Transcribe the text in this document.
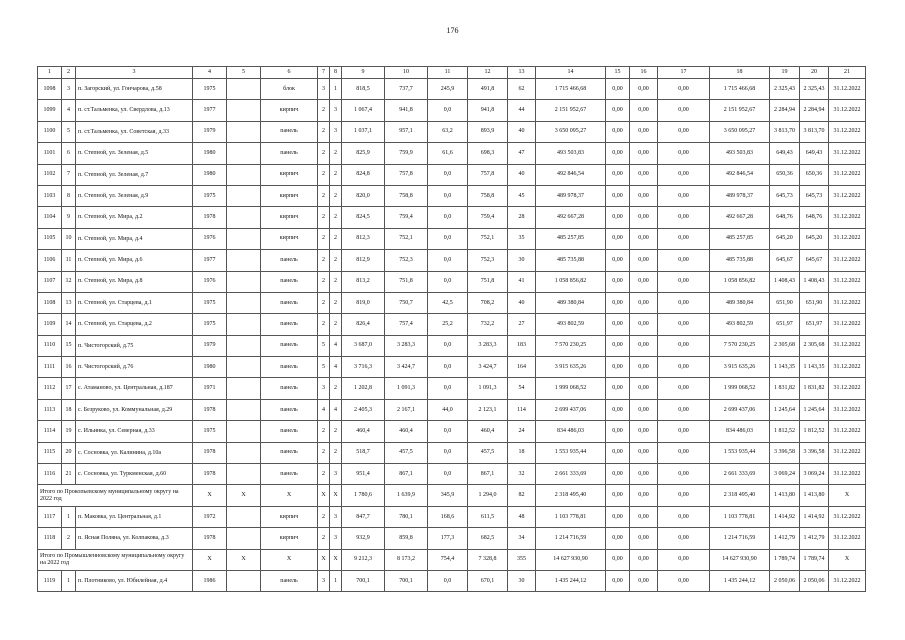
176
1	2	3	4	5	6	7	8	9	10	11	12	13	14	15	16	17	18	19	20	21
1098	3	п. Загорский, ул. Гончарова, д.58	1975		блок	3	1	818,5	737,7	245,9	491,8	62	1 715 466,68	0,00	0,00	0,00	1 715 466,68	2 325,43	2 325,43	31.12.2022
1099	4	п. ст.Тальменка, ул. Свердлова, д.13	1977		кирпич	2	3	1 067,4	941,8	0,0	941,8	44	2 151 952,67	0,00	0,00	0,00	2 151 952,67	2 284,94	2 284,94	31.12.2022
1100	5	п. ст.Тальменка, ул. Советская, д.33	1979		панель	2	3	1 037,1	957,1	63,2	893,9	40	3 650 095,27	0,00	0,00	0,00	3 650 095,27	3 813,70	3 813,70	31.12.2022
1101	6	п. Степной, ул. Зеленая, д.5	1980		панель	2	2	825,9	759,9	61,6	698,3	47	493 503,83	0,00	0,00	0,00	493 503,83	649,43	649,43	31.12.2022
1102	7	п. Степной, ул. Зеленая, д.7	1980		кирпич	2	2	824,8	757,8	0,0	757,8	40	492 846,54	0,00	0,00	0,00	492 846,54	650,36	650,36	31.12.2022
1103	8	п. Степной, ул. Зеленая, д.9	1975		кирпич	2	2	820,0	758,8	0,0	758,8	45	489 978,37	0,00	0,00	0,00	489 978,37	645,73	645,73	31.12.2022
1104	9	п. Степной, ул. Мира, д.2	1978		кирпич	2	2	824,5	759,4	0,0	759,4	28	492 667,28	0,00	0,00	0,00	492 667,28	648,76	648,76	31.12.2022
1105	10	п. Степной, ул. Мира, д.4	1976		кирпич	2	2	812,3	752,1	0,0	752,1	35	485 257,85	0,00	0,00	0,00	485 257,85	645,20	645,20	31.12.2022
1106	11	п. Степной, ул. Мира, д.6	1977		панель	2	2	812,9	752,3	0,0	752,3	30	485 735,88	0,00	0,00	0,00	485 735,88	645,67	645,67	31.12.2022
1107	12	п. Степной, ул. Мира, д.8	1976		панель	2	2	813,2	751,8	0,0	751,8	41	1 058 856,82	0,00	0,00	0,00	1 058 856,82	1 408,43	1 408,43	31.12.2022
1108	13	п. Степной, ул. Старцева, д.1	1975		панель	2	2	819,0	750,7	42,5	708,2	40	489 380,84	0,00	0,00	0,00	489 380,84	651,90	651,90	31.12.2022
1109	14	п. Степной, ул. Старцева, д.2	1975		панель	2	2	826,4	757,4	25,2	732,2	27	493 802,59	0,00	0,00	0,00	493 802,59	651,97	651,97	31.12.2022
1110	15	п. Чистогорский, д.75	1979		панель	5	4	3 687,0	3 283,3	0,0	3 283,3	183	7 570 230,25	0,00	0,00	0,00	7 570 230,25	2 305,68	2 305,68	31.12.2022
1111	16	п. Чистогорский, д.76	1980		панель	5	4	3 716,3	3 424,7	0,0	3 424,7	164	3 915 635,26	0,00	0,00	0,00	3 915 635,26	1 143,35	1 143,35	31.12.2022
1112	17	с. Атаманово, ул. Центральная, д.187	1971		панель	3	2	1 202,8	1 091,3	0,0	1 091,3	54	1 999 068,52	0,00	0,00	0,00	1 999 068,52	1 831,82	1 831,82	31.12.2022
1113	18	с. Безруково, ул. Коммунальная, д.29	1978		панель	4	4	2 405,3	2 167,1	44,0	2 123,1	114	2 699 437,06	0,00	0,00	0,00	2 699 437,06	1 245,64	1 245,64	31.12.2022
1114	19	с. Ильинка, ул. Северная, д.33	1975		панель	2	2	460,4	460,4	0,0	460,4	24	834 486,03	0,00	0,00	0,00	834 486,03	1 812,52	1 812,52	31.12.2022
1115	20	с. Сосновка, ул. Калинина, д.10а	1978		панель	2	2	518,7	457,5	0,0	457,5	18	1 553 935,44	0,00	0,00	0,00	1 553 935,44	3 396,58	3 396,58	31.12.2022
1116	21	с. Сосновка, ул. Туркменская, д.60	1978		панель	2	3	951,4	867,1	0,0	867,1	32	2 661 333,69	0,00	0,00	0,00	2 661 333,69	3 069,24	3 069,24	31.12.2022
Итого по Прокопьевскому муниципальному округу на 2022 год			X	X	X	X	X	1 780,6	1 639,9	345,9	1 294,0	82	2 318 495,40	0,00	0,00	0,00	2 318 495,40	1 413,80	1 413,80	X
1117	1	п. Маковка, ул. Центральная, д.1	1972		кирпич	2	3	847,7	780,1	168,6	611,5	48	1 103 778,81	0,00	0,00	0,00	1 103 778,81	1 414,92	1 414,92	31.12.2022
1118	2	п. Ясная Поляна, ул. Колпакова, д.3	1978		кирпич	2	3	932,9	859,8	177,3	682,5	34	1 214 716,59	0,00	0,00	0,00	1 214 716,59	1 412,79	1 412,79	31.12.2022
Итого по Промышленновскому муниципальному округу на 2022 год			X	X	X	X	X	9 212,3	8 173,2	754,4	7 328,8	355	14 627 930,90	0,00	0,00	0,00	14 627 930,90	1 789,74	1 789,74	X
1119	1	п. Плотниково, ул. Юбилейная, д.4	1986		панель	3	1	700,1	700,1	0,0	670,1	30	1 435 244,12	0,00	0,00	0,00	1 435 244,12	2 050,06	2 050,06	31.12.2022
